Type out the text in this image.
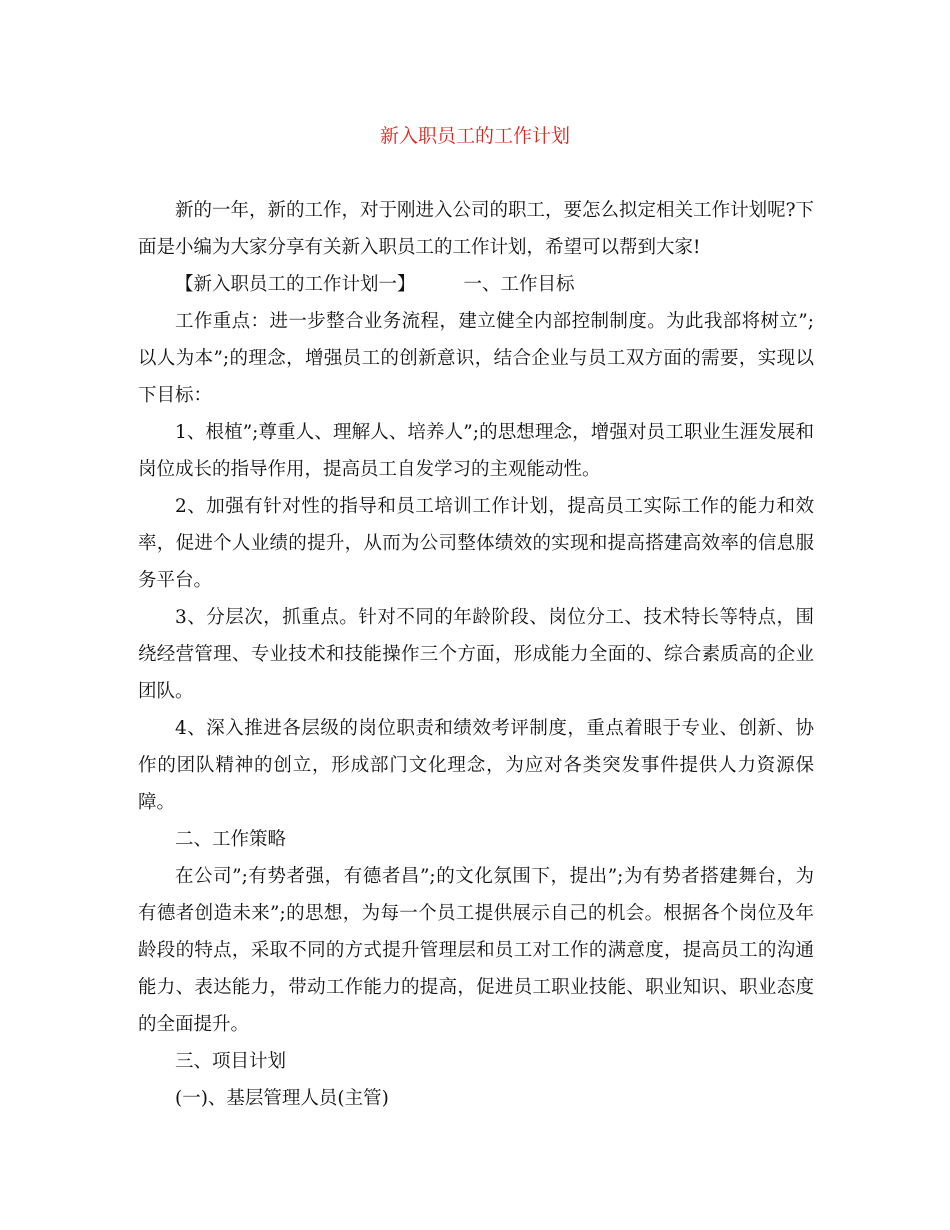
新入职员工的工作计划

新的一年，新的工作，对于刚进入公司的职工，要怎么拟定相关工作计划呢?下面是小编为大家分享有关新入职员工的工作计划，希望可以帮到大家!

【新入职员工的工作计划一】	一、工作目标

工作重点：进一步整合业务流程，建立健全内部控制制度。为此我部将树立”;以人为本”;的理念，增强员工的创新意识，结合企业与员工双方面的需要，实现以下目标：

1、根植”;尊重人、理解人、培养人”;的思想理念，增强对员工职业生涯发展和岗位成长的指导作用，提高员工自发学习的主观能动性。

2、加强有针对性的指导和员工培训工作计划，提高员工实际工作的能力和效率，促进个人业绩的提升，从而为公司整体绩效的实现和提高搭建高效率的信息服务平台。

3、分层次，抓重点。针对不同的年龄阶段、岗位分工、技术特长等特点，围绕经营管理、专业技术和技能操作三个方面，形成能力全面的、综合素质高的企业团队。

4、深入推进各层级的岗位职责和绩效考评制度，重点着眼于专业、创新、协作的团队精神的创立，形成部门文化理念，为应对各类突发事件提供人力资源保障。

二、工作策略

在公司”;有势者强，有德者昌”;的文化氛围下，提出”;为有势者搭建舞台，为有德者创造未来”;的思想，为每一个员工提供展示自己的机会。根据各个岗位及年龄段的特点，采取不同的方式提升管理层和员工对工作的满意度，提高员工的沟通能力、表达能力，带动工作能力的提高，促进员工职业技能、职业知识、职业态度的全面提升。

三、项目计划

(一)、基层管理人员(主管)
